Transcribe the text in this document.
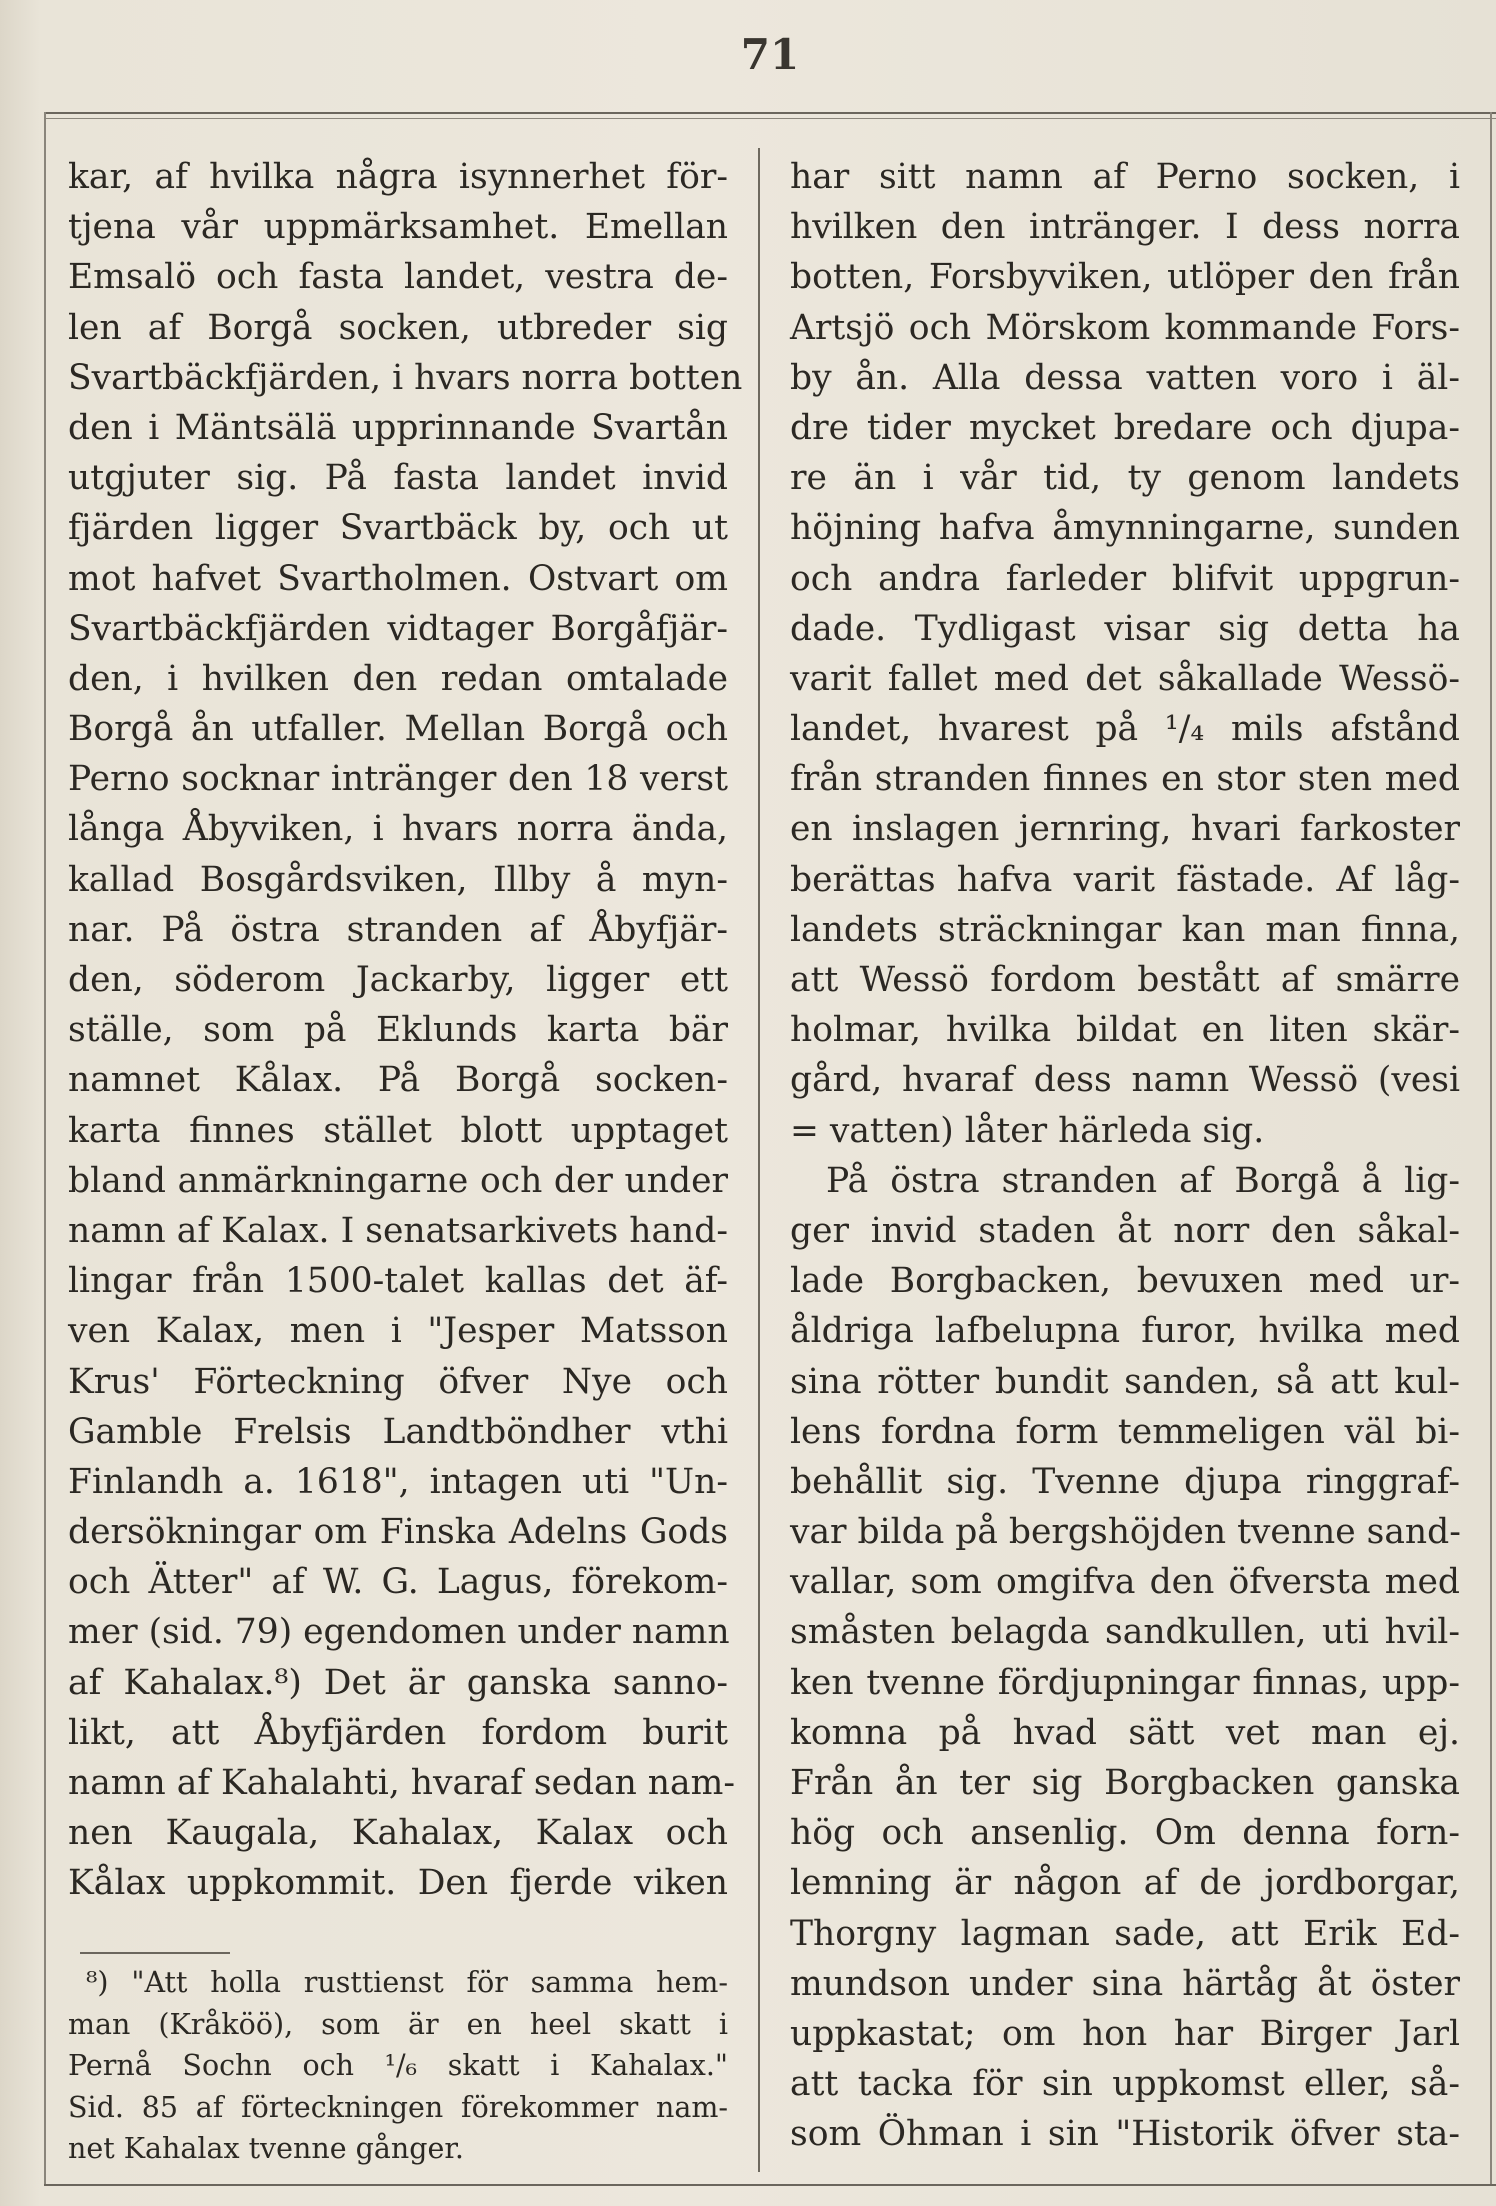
71
kar, af hvilka några isynnerhet för-
tjena vår uppmärksamhet. Emellan
Emsalö och fasta landet, vestra de-
len af Borgå socken, utbreder sig
Svartbäckfjärden, i hvars norra botten
den i Mäntsälä upprinnande Svartån
utgjuter sig. På fasta landet invid
fjärden ligger Svartbäck by, och ut
mot hafvet Svartholmen. Ostvart om
Svartbäckfjärden vidtager Borgåfjär-
den, i hvilken den redan omtalade
Borgå ån utfaller. Mellan Borgå och
Perno socknar intränger den 18 verst
långa Åbyviken, i hvars norra ända,
kallad Bosgårdsviken, Illby å myn-
nar. På östra stranden af Åbyfjär-
den, söderom Jackarby, ligger ett
ställe, som på Eklunds karta bär
namnet Kålax. På Borgå socken-
karta finnes stället blott upptaget
bland anmärkningarne och der under
namn af Kalax. I senatsarkivets hand-
lingar från 1500-talet kallas det äf-
ven Kalax, men i "Jesper Matsson
Krus' Förteckning öfver Nye och
Gamble Frelsis Landtböndher vthi
Finlandh a. 1618", intagen uti "Un-
dersökningar om Finska Adelns Gods
och Ätter" af W. G. Lagus, förekom-
mer (sid. 79) egendomen under namn
af Kahalax.⁸) Det är ganska sanno-
likt, att Åbyfjärden fordom burit
namn af Kahalahti, hvaraf sedan nam-
nen Kaugala, Kahalax, Kalax och
Kålax uppkommit. Den fjerde viken
⁸) "Att holla rusttienst för samma hem-
man (Kråköö), som är en heel skatt i
Pernå Sochn och ¹/₆ skatt i Kahalax."
Sid. 85 af förteckningen förekommer nam-
net Kahalax tvenne gånger.
har sitt namn af Perno socken, i
hvilken den intränger. I dess norra
botten, Forsbyviken, utlöper den från
Artsjö och Mörskom kommande Fors-
by ån. Alla dessa vatten voro i äl-
dre tider mycket bredare och djupa-
re än i vår tid, ty genom landets
höjning hafva åmynningarne, sunden
och andra farleder blifvit uppgrun-
dade. Tydligast visar sig detta ha
varit fallet med det såkallade Wessö-
landet, hvarest på ¹/₄ mils afstånd
från stranden finnes en stor sten med
en inslagen jernring, hvari farkoster
berättas hafva varit fästade. Af låg-
landets sträckningar kan man finna,
att Wessö fordom bestått af smärre
holmar, hvilka bildat en liten skär-
gård, hvaraf dess namn Wessö (vesi
= vatten) låter härleda sig.
På östra stranden af Borgå å lig-
ger invid staden åt norr den såkal-
lade Borgbacken, bevuxen med ur-
åldriga lafbelupna furor, hvilka med
sina rötter bundit sanden, så att kul-
lens fordna form temmeligen väl bi-
behållit sig. Tvenne djupa ringgraf-
var bilda på bergshöjden tvenne sand-
vallar, som omgifva den öfversta med
småsten belagda sandkullen, uti hvil-
ken tvenne fördjupningar finnas, upp-
komna på hvad sätt vet man ej.
Från ån ter sig Borgbacken ganska
hög och ansenlig. Om denna forn-
lemning är någon af de jordborgar,
Thorgny lagman sade, att Erik Ed-
mundson under sina härtåg åt öster
uppkastat; om hon har Birger Jarl
att tacka för sin uppkomst eller, så-
som Öhman i sin "Historik öfver sta-
